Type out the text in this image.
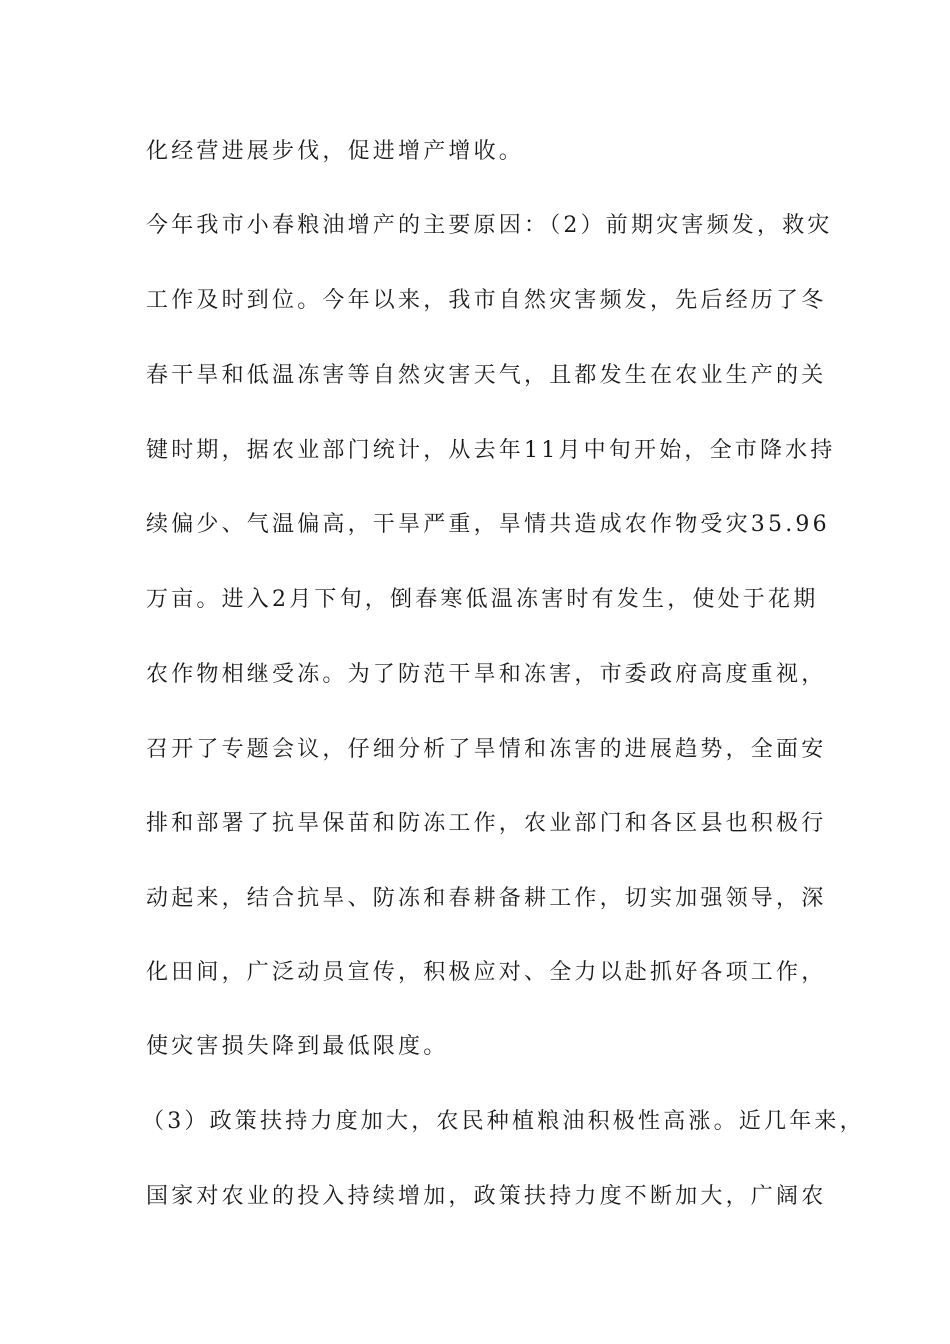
化经营进展步伐，促进增产增收。
今年我市小春粮油增产的主要原因：（2）前期灾害频发，救灾
工作及时到位。今年以来，我市自然灾害频发，先后经历了冬
春干旱和低温冻害等自然灾害天气，且都发生在农业生产的关
键时期，据农业部门统计，从去年11月中旬开始，全市降水持
续偏少、气温偏高，干旱严重，旱情共造成农作物受灾35.96
万亩。进入2月下旬，倒春寒低温冻害时有发生，使处于花期
农作物相继受冻。为了防范干旱和冻害，市委政府高度重视，
召开了专题会议，仔细分析了旱情和冻害的进展趋势，全面安
排和部署了抗旱保苗和防冻工作，农业部门和各区县也积极行
动起来，结合抗旱、防冻和春耕备耕工作，切实加强领导，深
化田间，广泛动员宣传，积极应对、全力以赴抓好各项工作，
使灾害损失降到最低限度。
（3）政策扶持力度加大，农民种植粮油积极性高涨。近几年来，
国家对农业的投入持续增加，政策扶持力度不断加大，广阔农
